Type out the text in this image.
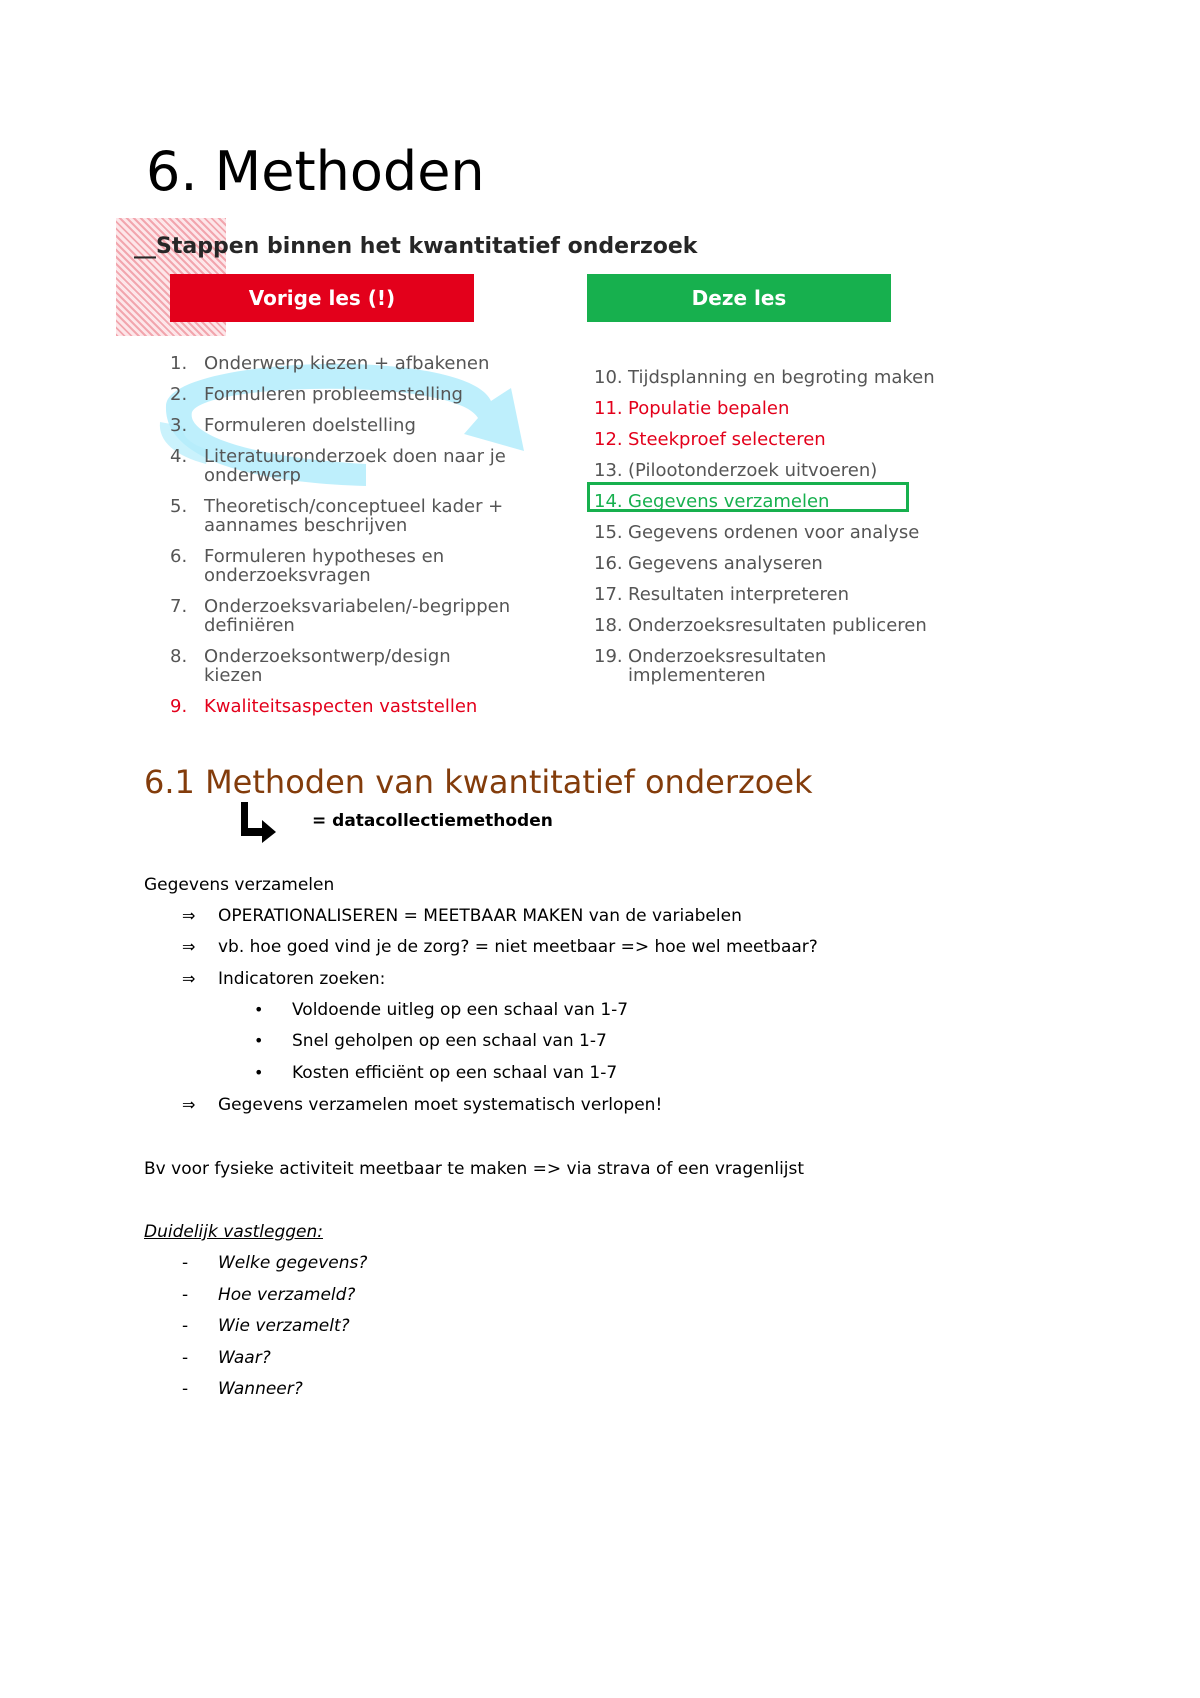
6. Methoden
__Stappen binnen het kwantitatief onderzoek
Vorige les (!)	Deze les
1. Onderwerp kiezen + afbakenen
2. Formuleren probleemstelling
3. Formuleren doelstelling
4. Literatuuronderzoek doen naar je
onderwerp
5. Theoretisch/conceptueel kader +
aannames beschrijven
6. Formuleren hypotheses en
onderzoeksvragen
7. Onderzoeksvariabelen/-begrippen
definiëren
8. Onderzoeksontwerp/design
kiezen
9. Kwaliteitsaspecten vaststellen
10. Tijdsplanning en begroting maken
11. Populatie bepalen
12. Steekproef selecteren
13. (Pilootonderzoek uitvoeren)
14. Gegevens verzamelen
15. Gegevens ordenen voor analyse
16. Gegevens analyseren
17. Resultaten interpreteren
18. Onderzoeksresultaten publiceren
19. Onderzoeksresultaten
implementeren
6.1 Methoden van kwantitatief onderzoek
= datacollectiemethoden
Gegevens verzamelen
⇒ OPERATIONALISEREN = MEETBAAR MAKEN van de variabelen
⇒ vb. hoe goed vind je de zorg? = niet meetbaar => hoe wel meetbaar?
⇒ Indicatoren zoeken:
• Voldoende uitleg op een schaal van 1-7
• Snel geholpen op een schaal van 1-7
• Kosten efficiënt op een schaal van 1-7
⇒ Gegevens verzamelen moet systematisch verlopen!
Bv voor fysieke activiteit meetbaar te maken => via strava of een vragenlijst
Duidelijk vastleggen:
- Welke gegevens?
- Hoe verzameld?
- Wie verzamelt?
- Waar?
- Wanneer?
